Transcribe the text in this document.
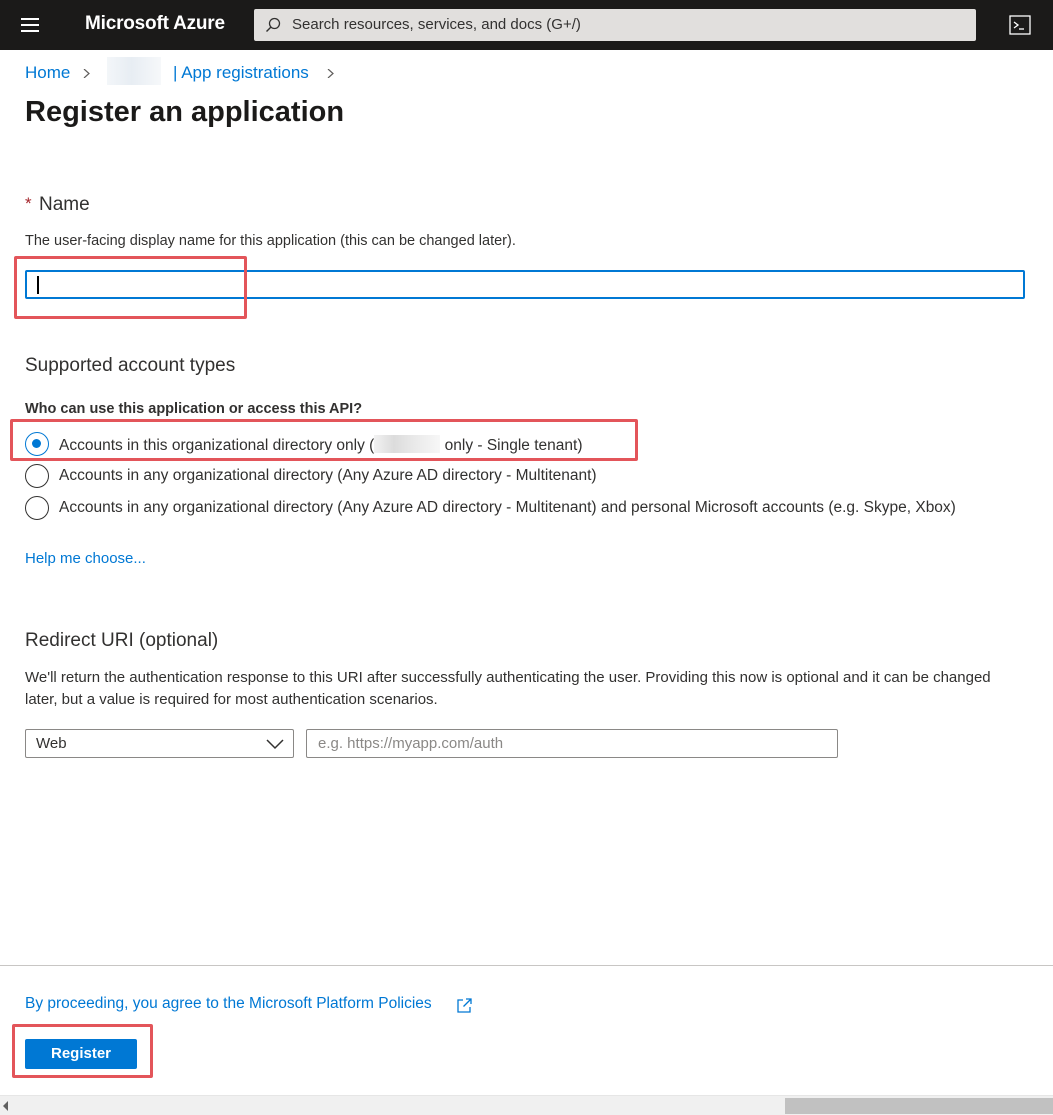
Microsoft Azure	Search resources, services, and docs (G+/)
Home	| App registrations
Register an application
* Name
The user-facing display name for this application (this can be changed later).
Supported account types
Who can use this application or access this API?
Accounts in this organizational directory only (	only - Single tenant)
Accounts in any organizational directory (Any Azure AD directory - Multitenant)
Accounts in any organizational directory (Any Azure AD directory - Multitenant) and personal Microsoft accounts (e.g. Skype, Xbox)
Help me choose...
Redirect URI (optional)
We'll return the authentication response to this URI after successfully authenticating the user. Providing this now is optional and it can be changed later, but a value is required for most authentication scenarios.
Web	e.g. https://myapp.com/auth
By proceeding, you agree to the Microsoft Platform Policies
Register
